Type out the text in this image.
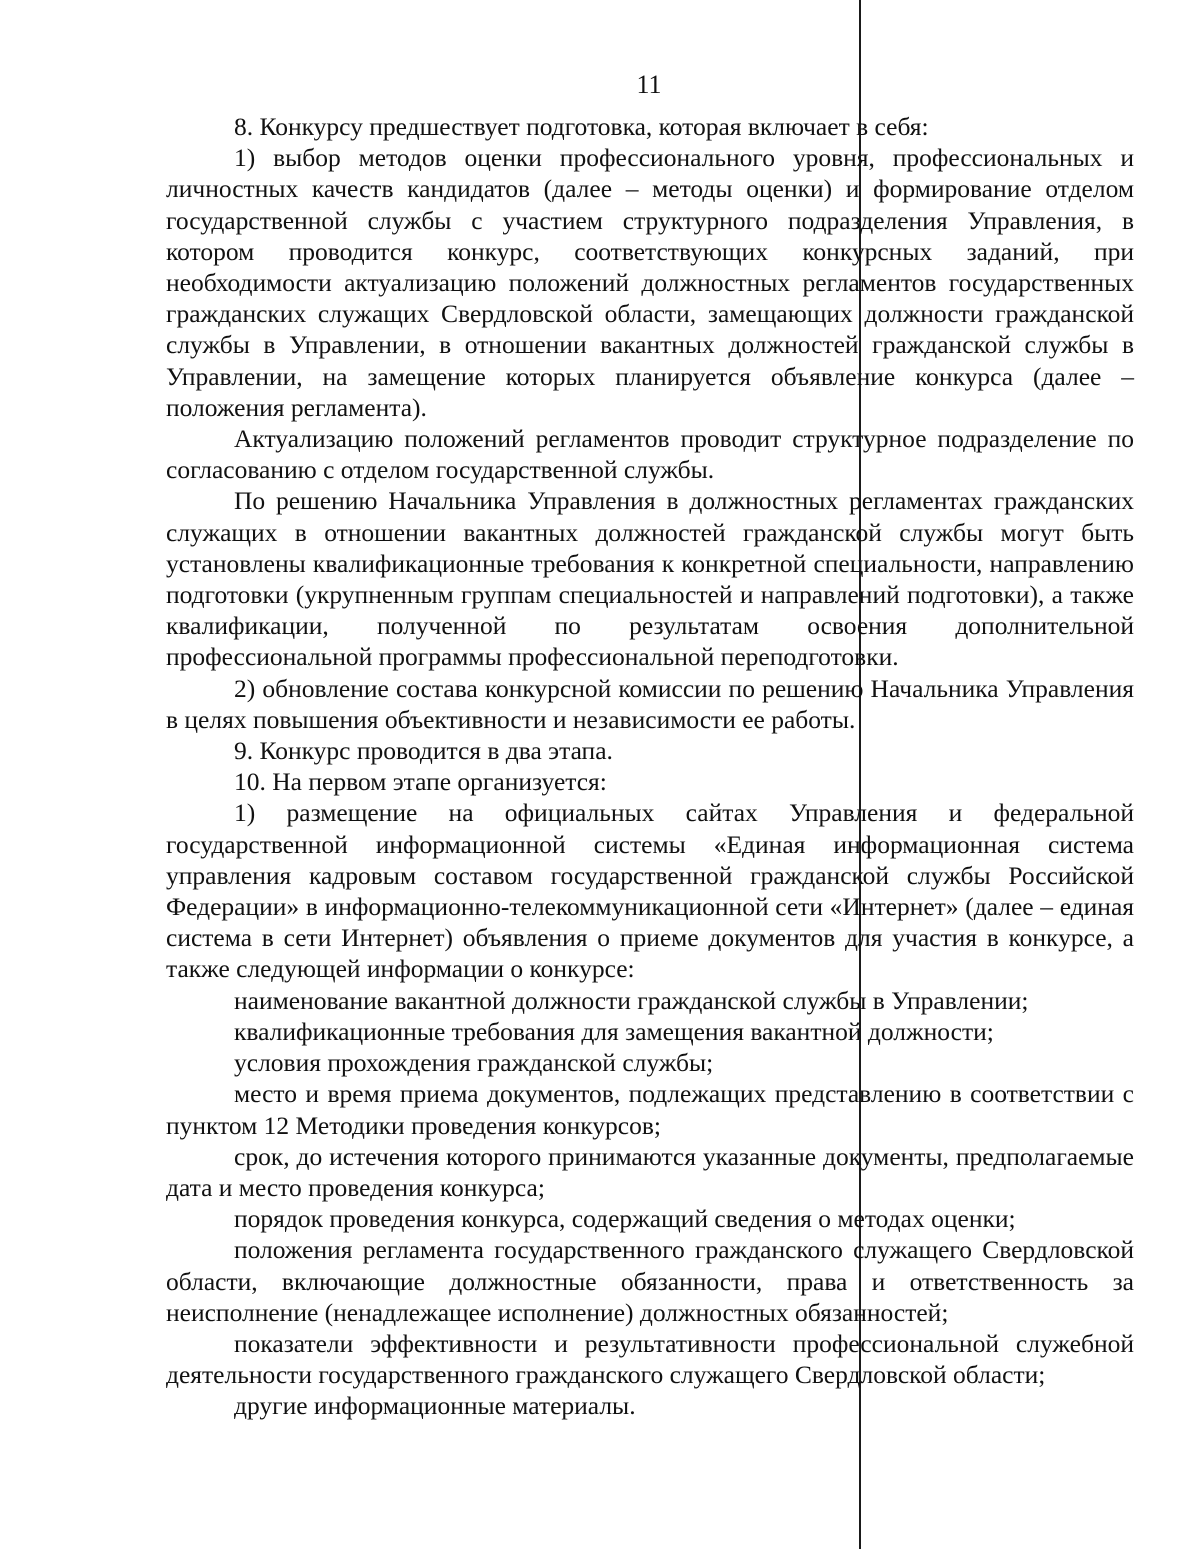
11

8. Конкурсу предшествует подготовка, которая включает в себя:

1) выбор методов оценки профессионального уровня, профессиональных и личностных качеств кандидатов (далее – методы оценки) и формирование отделом государственной службы с участием структурного подразделения Управления, в котором проводится конкурс, соответствующих конкурсных заданий, при необходимости актуализацию положений должностных регламентов государственных гражданских служащих Свердловской области, замещающих должности гражданской службы в Управлении, в отношении вакантных должностей гражданской службы в Управлении, на замещение которых планируется объявление конкурса (далее – положения регламента).

Актуализацию положений регламентов проводит структурное подразделение по согласованию с отделом государственной службы.

По решению Начальника Управления в должностных регламентах гражданских служащих в отношении вакантных должностей гражданской службы могут быть установлены квалификационные требования к конкретной специальности, направлению подготовки (укрупненным группам специальностей и направлений подготовки), а также квалификации, полученной по результатам освоения дополнительной профессиональной программы профессиональной переподготовки.

2) обновление состава конкурсной комиссии по решению Начальника Управления в целях повышения объективности и независимости ее работы.

9. Конкурс проводится в два этапа.

10. На первом этапе организуется:

1) размещение на официальных сайтах Управления и федеральной государственной информационной системы «Единая информационная система управления кадровым составом государственной гражданской службы Российской Федерации» в информационно-телекоммуникационной сети «Интернет» (далее – единая система в сети Интернет) объявления о приеме документов для участия в конкурсе, а также следующей информации о конкурсе:

наименование вакантной должности гражданской службы в Управлении;

квалификационные требования для замещения вакантной должности;

условия прохождения гражданской службы;

место и время приема документов, подлежащих представлению в соответствии с пунктом 12 Методики проведения конкурсов;

срок, до истечения которого принимаются указанные документы, предполагаемые дата и место проведения конкурса;

порядок проведения конкурса, содержащий сведения о методах оценки;

положения регламента государственного гражданского служащего Свердловской области, включающие должностные обязанности, права и ответственность за неисполнение (ненадлежащее исполнение) должностных обязанностей;

показатели эффективности и результативности профессиональной служебной деятельности государственного гражданского служащего Свердловской области;

другие информационные материалы.
